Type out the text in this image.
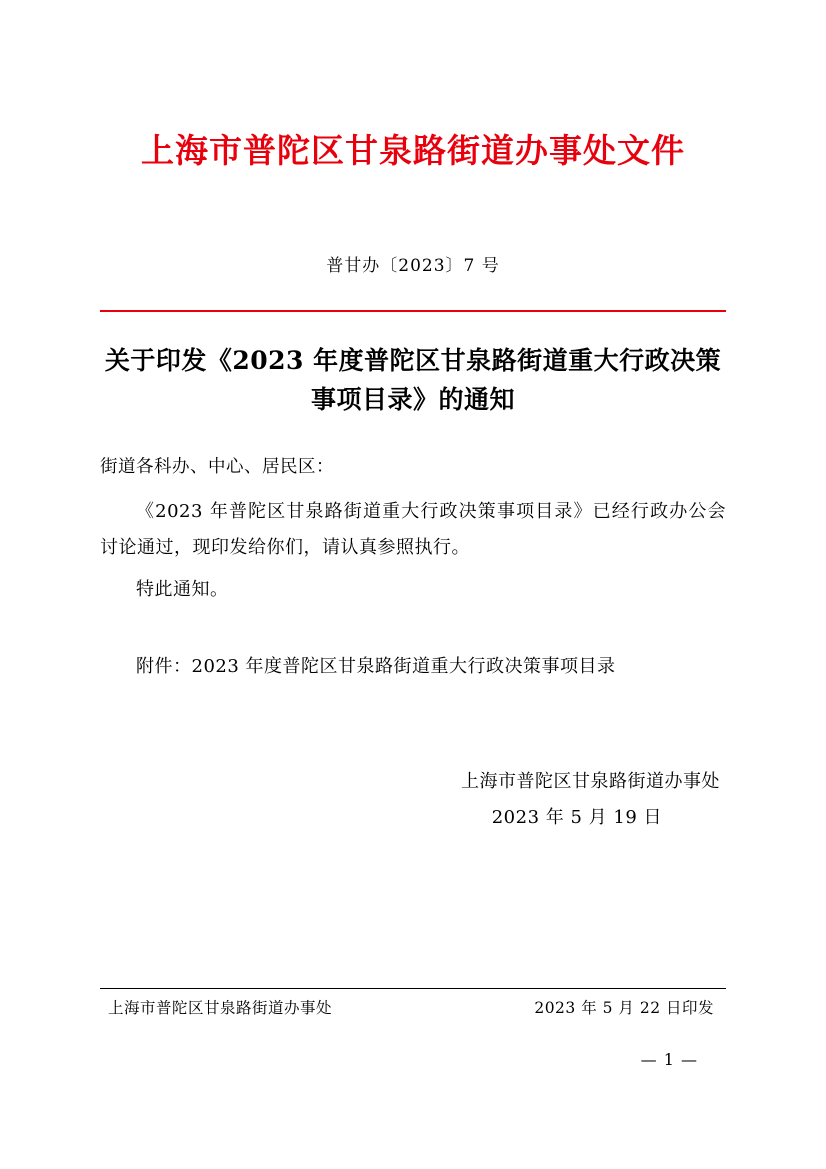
上海市普陀区甘泉路街道办事处文件
普甘办〔2023〕7 号
关于印发《2023 年度普陀区甘泉路街道重大行政决策事项目录》的通知
街道各科办、中心、居民区：
《2023 年普陀区甘泉路街道重大行政决策事项目录》已经行政办公会讨论通过，现印发给你们，请认真参照执行。
特此通知。
附件：2023 年度普陀区甘泉路街道重大行政决策事项目录
上海市普陀区甘泉路街道办事处
2023 年 5 月 19 日
上海市普陀区甘泉路街道办事处	2023 年 5 月 22 日印发
— 1 —
